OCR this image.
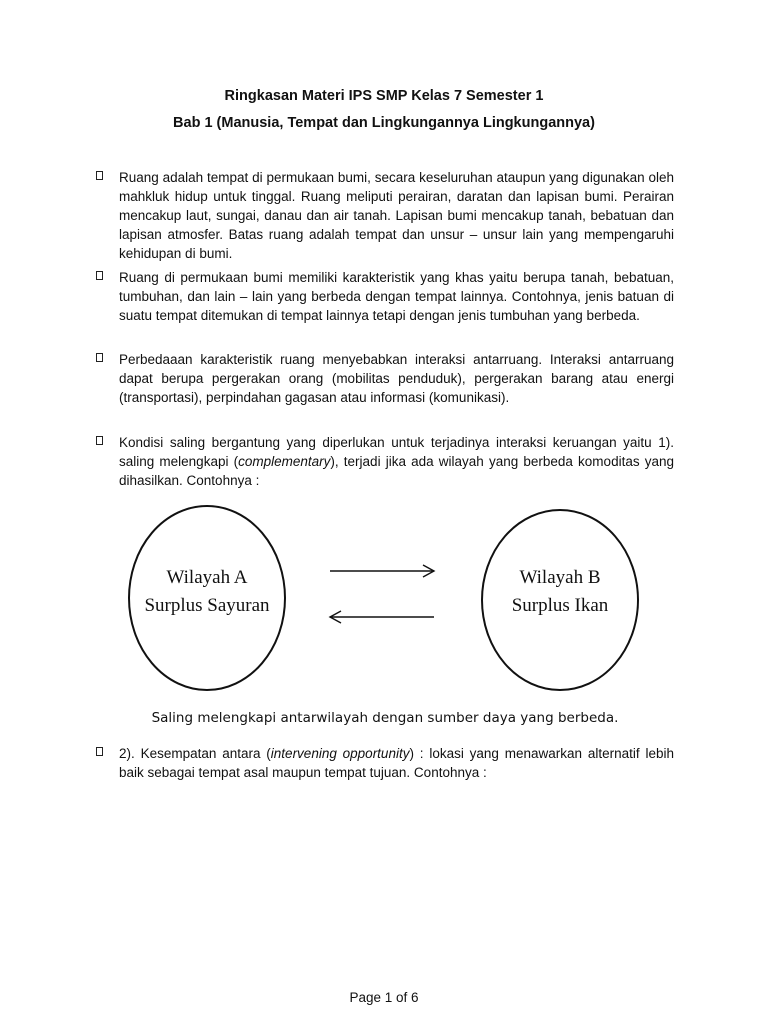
Ringkasan Materi IPS SMP Kelas 7 Semester 1
Bab 1 (Manusia, Tempat dan Lingkungannya Lingkungannya)
Ruang adalah tempat di permukaan bumi, secara keseluruhan ataupun yang digunakan oleh mahkluk hidup untuk tinggal. Ruang meliputi perairan, daratan dan lapisan bumi. Perairan mencakup laut, sungai, danau dan air tanah. Lapisan bumi mencakup tanah, bebatuan dan lapisan atmosfer. Batas ruang adalah tempat dan unsur – unsur lain yang mempengaruhi kehidupan di bumi.
Ruang di permukaan bumi memiliki karakteristik yang khas yaitu berupa tanah, bebatuan, tumbuhan, dan lain – lain yang berbeda dengan tempat lainnya. Contohnya, jenis batuan di suatu tempat ditemukan di tempat lainnya tetapi dengan jenis tumbuhan yang berbeda.
Perbedaaan karakteristik ruang menyebabkan interaksi antarruang. Interaksi antarruang dapat berupa pergerakan orang (mobilitas penduduk), pergerakan barang atau energi (transportasi), perpindahan gagasan atau informasi (komunikasi).
Kondisi saling bergantung yang diperlukan untuk terjadinya interaksi keruangan yaitu 1). saling melengkapi (complementary), terjadi jika ada wilayah yang berbeda komoditas yang dihasilkan. Contohnya :
Wilayah A
Surplus Sayuran
Wilayah B
Surplus Ikan
Saling melengkapi antarwilayah dengan sumber daya yang berbeda.
2). Kesempatan antara (intervening opportunity) : lokasi yang menawarkan alternatif lebih baik sebagai tempat asal maupun tempat tujuan. Contohnya :
Page 1 of 6
